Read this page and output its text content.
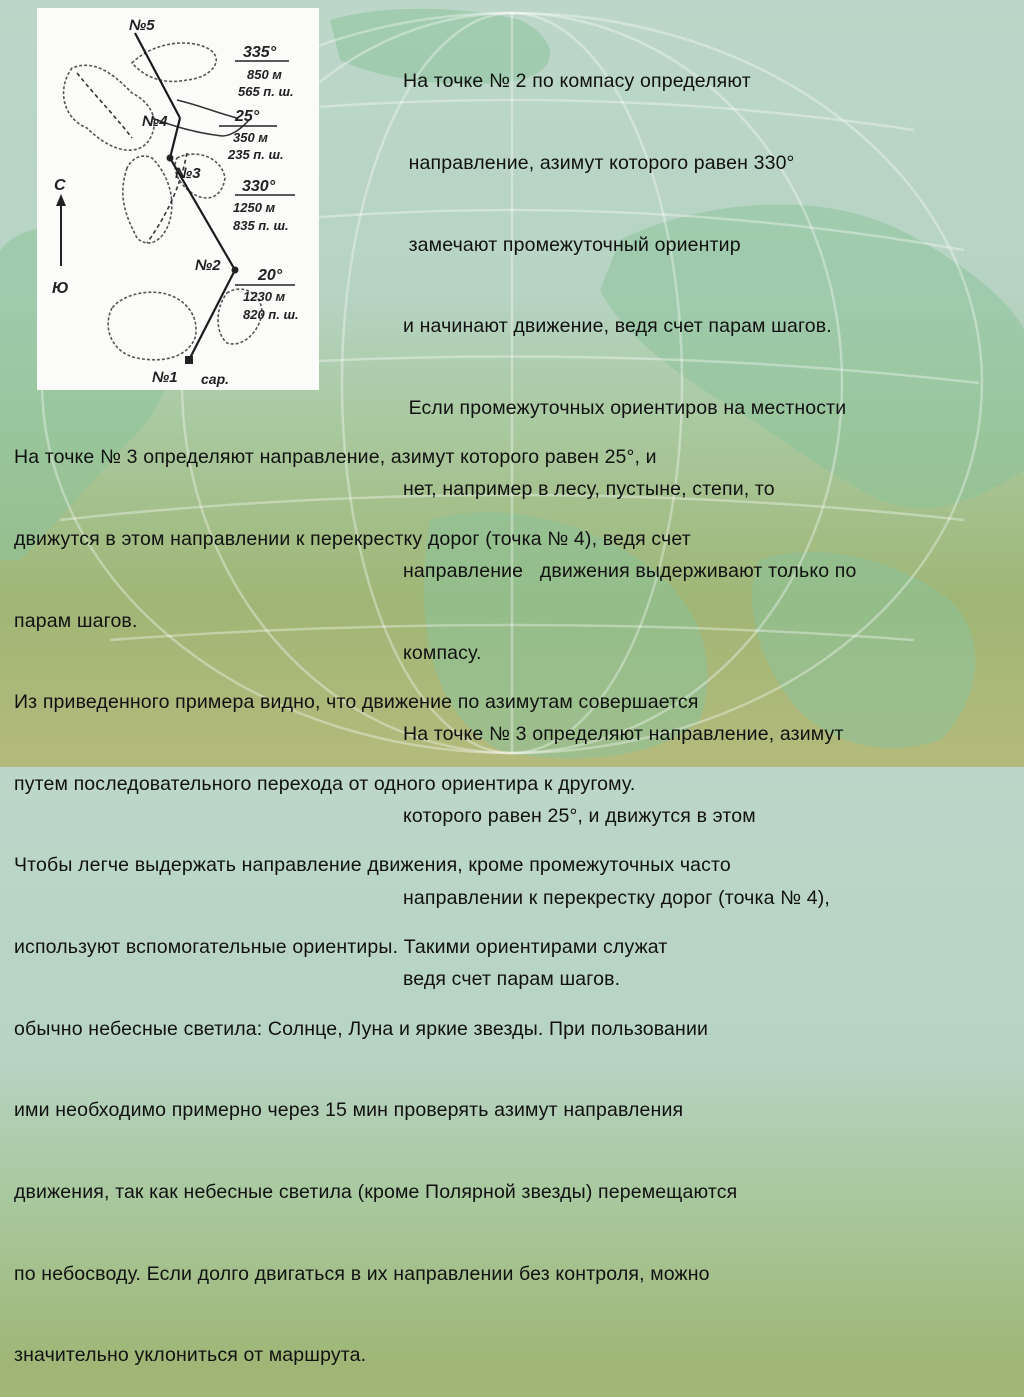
На точке № 2 по компасу определяют

направление, азимут которого равен 330°

замечают промежуточный ориентир

и начинают движение, ведя счет парам шагов.

Если промежуточных ориентиров на местности

нет, например в лесу, пустыне, степи, то

направление   движения выдерживают только по

компасу.

На точке № 3 определяют направление, азимут

которого равен 25°, и движутся в этом

направлении к перекрестку дорог (точка № 4),

ведя счет парам шагов.

На точке № 3 определяют направление, азимут которого равен 25°, и

движутся в этом направлении к перекрестку дорог (точка № 4), ведя счет

парам шагов.

Из приведенного примера видно, что движение по азимутам совершается

путем последовательного перехода от одного ориентира к другому.

Чтобы легче выдержать направление движения, кроме промежуточных часто

используют вспомогательные ориентиры. Такими ориентирами служат

обычно небесные светила: Солнце, Луна и яркие звезды. При пользовании

ими необходимо примерно через 15 мин проверять азимут направления

движения, так как небесные светила (кроме Полярной звезды) перемещаются

по небосводу. Если долго двигаться в их направлении без контроля, можно

значительно уклониться от маршрута.

С
Ю
№5
№4
№3
№2
№1 сар.
335°
850 м
565 п. ш.
25°
350 м
235 п. ш.
330°
1250 м
835 п. ш.
20°
1230 м
820 п. ш.
